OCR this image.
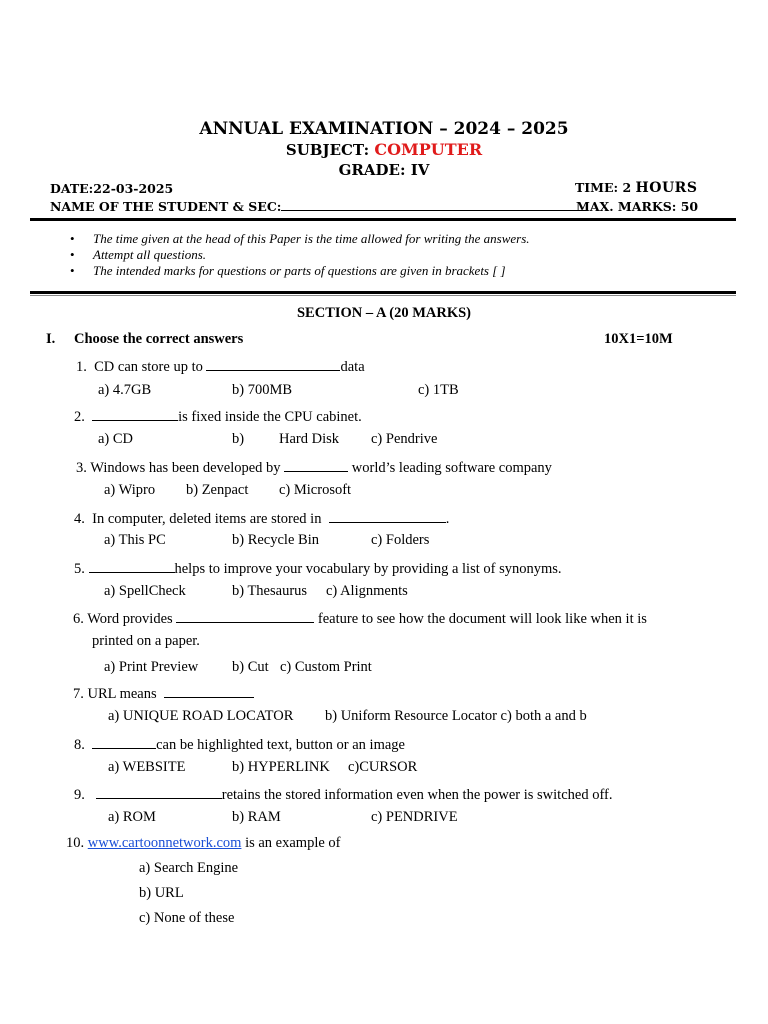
ANNUAL EXAMINATION – 2024 – 2025
SUBJECT: COMPUTER
GRADE: IV
DATE:22-03-2025	TIME: 2 HOURS
NAME OF THE STUDENT & SEC:	MAX. MARKS: 50
• The time given at the head of this Paper is the time allowed for writing the answers.
• Attempt all questions.
• The intended marks for questions or parts of questions are given in brackets [ ]
SECTION – A (20 MARKS)
I. Choose the correct answers	10X1=10M
1. CD can store up to	data
a) 4.7GB	b) 700MB	c) 1TB
2.	is fixed inside the CPU cabinet.
a) CD	b) Hard Disk c) Pendrive
3. Windows has been developed by	world’s leading software company
a) Wipro b) Zenpact c) Microsoft
4. In computer, deleted items are stored in	.
a) This PC	b) Recycle Bin	c) Folders
5.	helps to improve your vocabulary by providing a list of synonyms.
a) SpellCheck	b) Thesaurus c) Alignments
6. Word provides	feature to see how the document will look like when it is
printed on a paper.
a) Print Preview b) Cut c) Custom Print
7. URL means
a) UNIQUE ROAD LOCATOR b) Uniform Resource Locator c) both a and b
8.	can be highlighted text, button or an image
a) WEBSITE	b) HYPERLINK c)CURSOR
9.	retains the stored information even when the power is switched off.
a) ROM	b) RAM	c) PENDRIVE
10. www.cartoonnetwork.com is an example of
a) Search Engine
b) URL
c) None of these
